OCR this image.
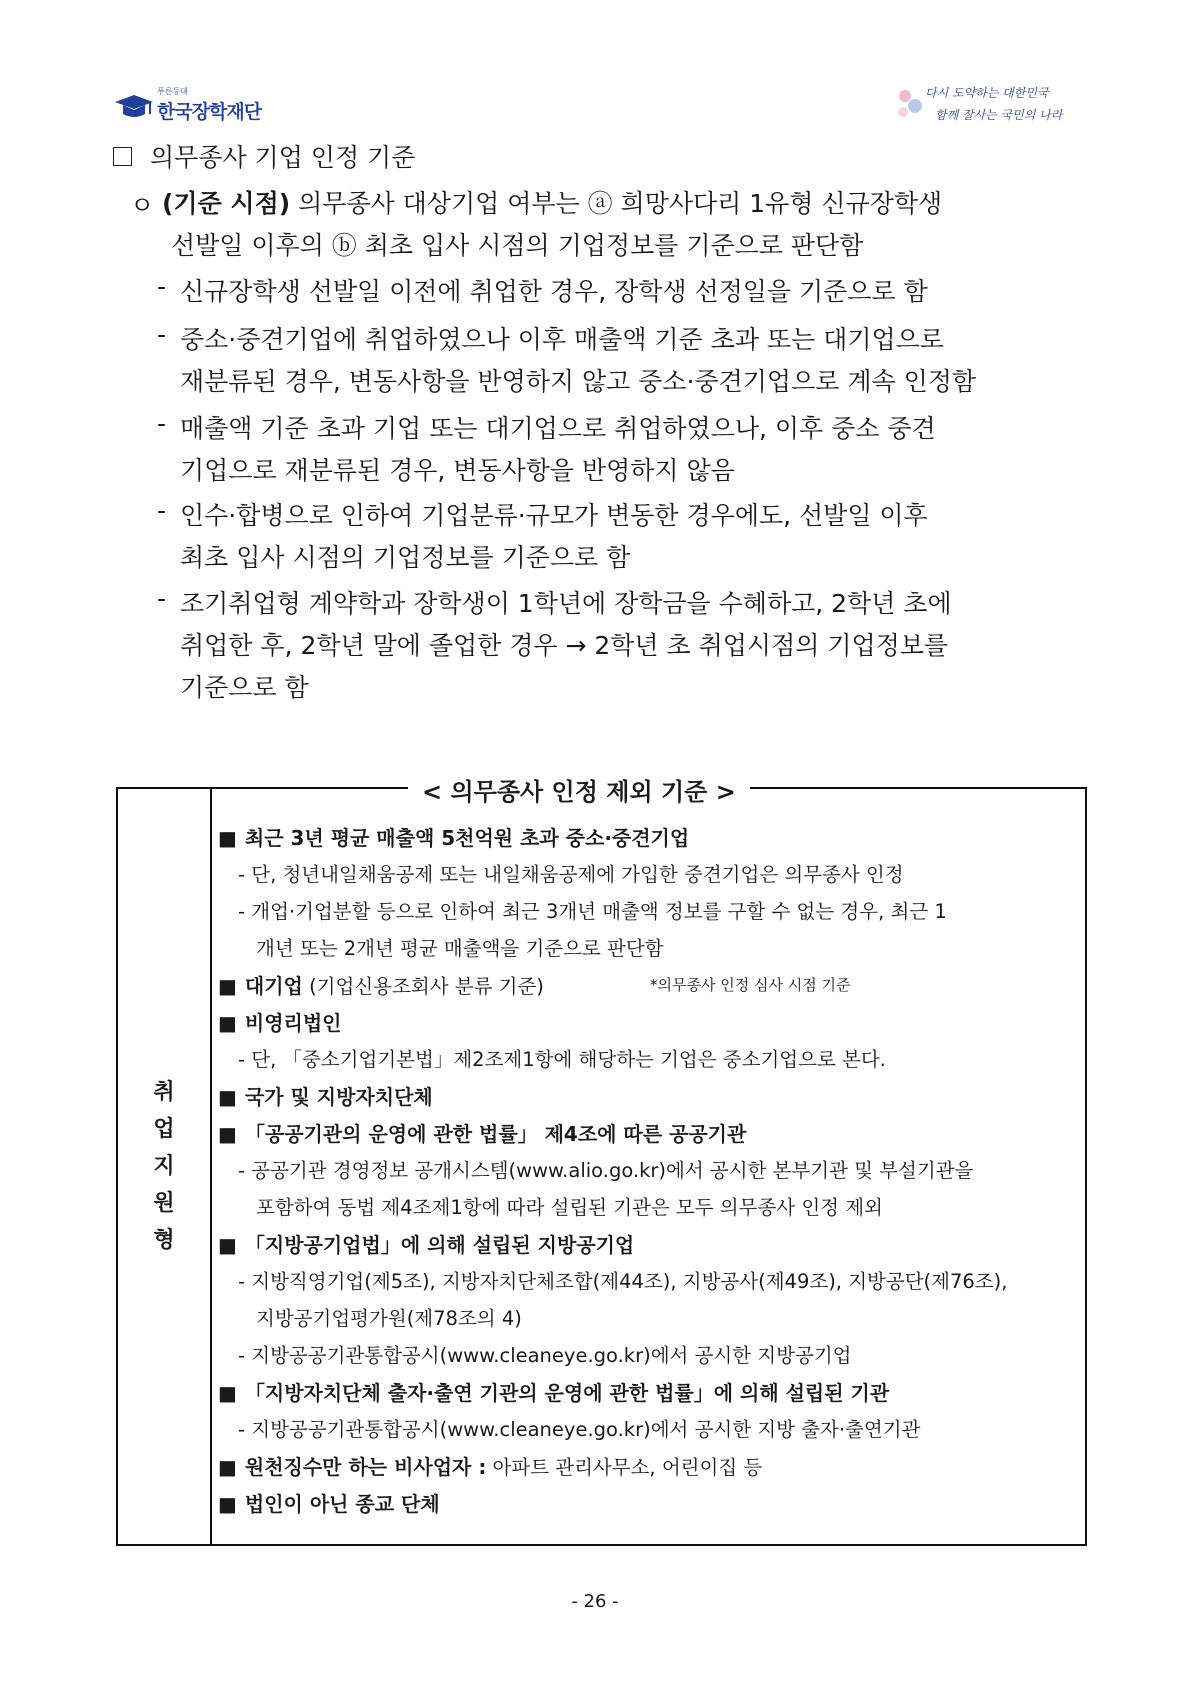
푸른등대
한국장학재단
다시 도약하는 대한민국
함께 잘사는 국민의 나라
의무종사 기업 인정 기준
ㅇ (기준 시점) 의무종사 대상기업 여부는 ⓐ 희망사다리 1유형 신규장학생
선발일 이후의 ⓑ 최초 입사 시점의 기업정보를 기준으로 판단함
- 신규장학생 선발일 이전에 취업한 경우, 장학생 선정일을 기준으로 함
- 중소·중견기업에 취업하였으나 이후 매출액 기준 초과 또는 대기업으로
재분류된 경우, 변동사항을 반영하지 않고 중소·중견기업으로 계속 인정함
- 매출액 기준 초과 기업 또는 대기업으로 취업하였으나, 이후 중소 중견
기업으로 재분류된 경우, 변동사항을 반영하지 않음
- 인수·합병으로 인하여 기업분류·규모가 변동한 경우에도, 선발일 이후
최초 입사 시점의 기업정보를 기준으로 함
- 조기취업형 계약학과 장학생이 1학년에 장학금을 수혜하고, 2학년 초에
취업한 후, 2학년 말에 졸업한 경우 → 2학년 초 취업시점의 기업정보를
기준으로 함
취
업
지
원
형
< 의무종사 인정 제외 기준 >
■ 최근 3년 평균 매출액 5천억원 초과 중소·중견기업
- 단, 청년내일채움공제 또는 내일채움공제에 가입한 중견기업은 의무종사 인정
- 개업·기업분할 등으로 인하여 최근 3개년 매출액 정보를 구할 수 없는 경우, 최근 1
개년 또는 2개년 평균 매출액을 기준으로 판단함
■ 대기업 (기업신용조회사 분류 기준)	*의무종사 인정 심사 시점 기준
■ 비영리법인
- 단, 「중소기업기본법」제2조제1항에 해당하는 기업은 중소기업으로 본다.
■ 국가 및 지방자치단체
■ 「공공기관의 운영에 관한 법률」 제4조에 따른 공공기관
- 공공기관 경영정보 공개시스템(www.alio.go.kr)에서 공시한 본부기관 및 부설기관을
포함하여 동법 제4조제1항에 따라 설립된 기관은 모두 의무종사 인정 제외
■ 「지방공기업법」에 의해 설립된 지방공기업
- 지방직영기업(제5조), 지방자치단체조합(제44조), 지방공사(제49조), 지방공단(제76조),
지방공기업평가원(제78조의 4)
- 지방공공기관통합공시(www.cleaneye.go.kr)에서 공시한 지방공기업
■ 「지방자치단체 출자·출연 기관의 운영에 관한 법률」에 의해 설립된 기관
- 지방공공기관통합공시(www.cleaneye.go.kr)에서 공시한 지방 출자·출연기관
■ 원천징수만 하는 비사업자 : 아파트 관리사무소, 어린이집 등
■ 법인이 아닌 종교 단체
- 26 -
